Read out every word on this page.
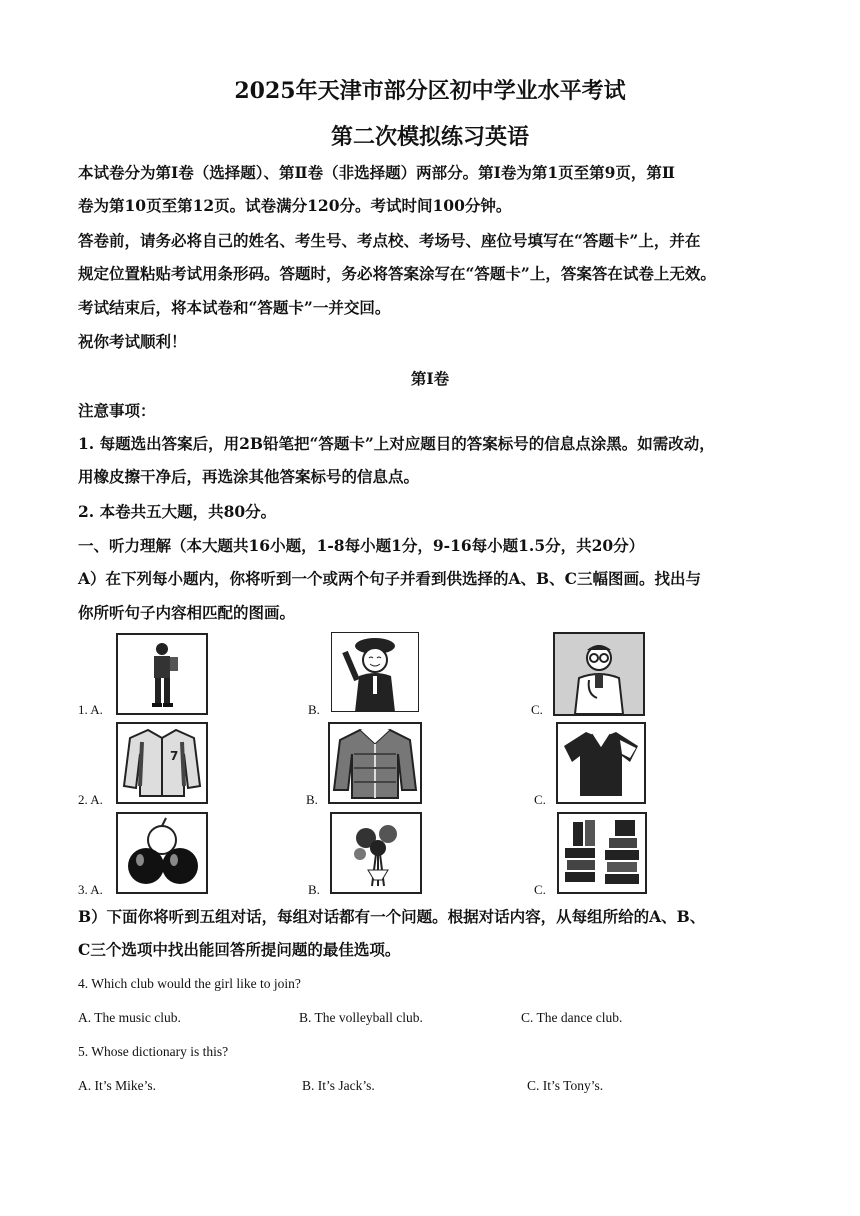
2025年天津市部分区初中学业水平考试
第二次模拟练习英语
本试卷分为第Ⅰ卷（选择题）、第Ⅱ卷（非选择题）两部分。第Ⅰ卷为第1页至第9页，第Ⅱ
卷为第10页至第12页。试卷满分120分。考试时间100分钟。
答卷前，请务必将自己的姓名、考生号、考点校、考场号、座位号填写在“答题卡”上，并在
规定位置粘贴考试用条形码。答题时，务必将答案涂写在“答题卡”上，答案答在试卷上无效。
考试结束后，将本试卷和“答题卡”一并交回。
祝你考试顺利！
第Ⅰ卷
注意事项：
1. 每题选出答案后，用2B铅笔把“答题卡”上对应题目的答案标号的信息点涂黑。如需改动，
用橡皮擦干净后，再选涂其他答案标号的信息点。
2. 本卷共五大题，共80分。
一、听力理解（本大题共16小题，1-8每小题1分，9-16每小题1.5分，共20分）
A）在下列每小题内，你将听到一个或两个句子并看到供选择的A、B、C三幅图画。找出与
你所听句子内容相匹配的图画。
1. A.	B.	C.
2. A.	B.	C.
7
3. A.	B.	C.
B）下面你将听到五组对话，每组对话都有一个问题。根据对话内容，从每组所给的A、B、
C三个选项中找出能回答所提问题的最佳选项。
4. Which club would the girl like to join?
A. The music club.	B. The volleyball club.	C. The dance club.
5. Whose dictionary is this?
A. It’s Mike’s.	B. It’s Jack’s.	C. It’s Tony’s.
